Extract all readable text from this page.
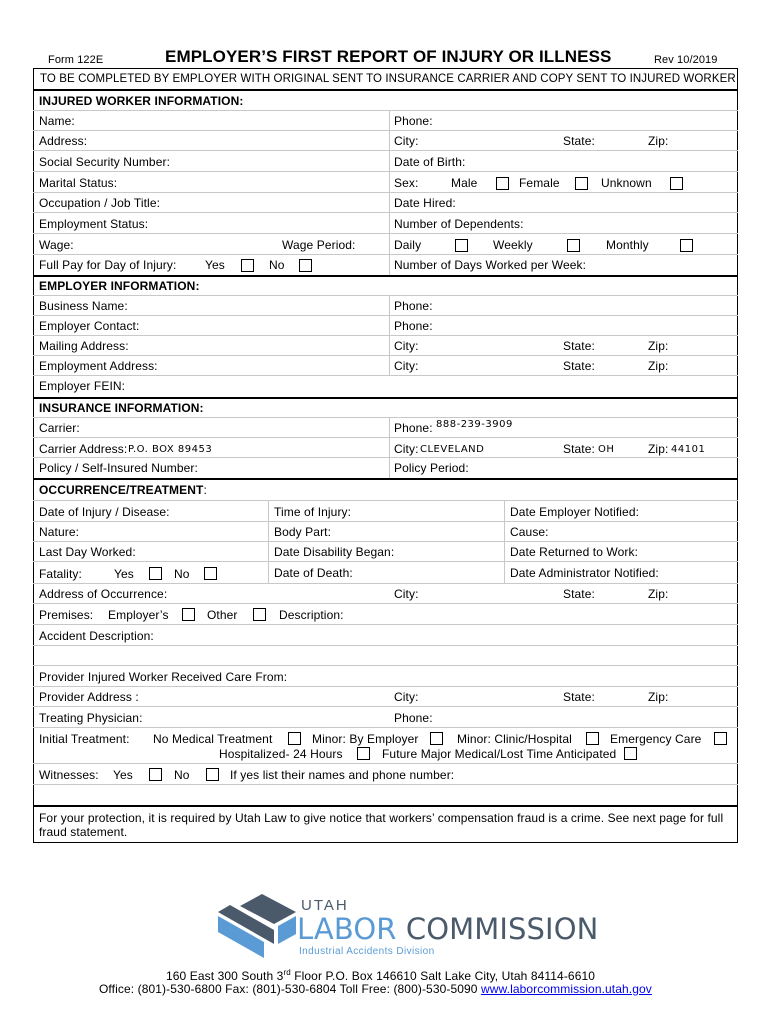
Form 122E	EMPLOYER’S FIRST REPORT OF INJURY OR ILLNESS	Rev 10/2019
TO BE COMPLETED BY EMPLOYER WITH ORIGINAL SENT TO INSURANCE CARRIER AND COPY SENT TO INJURED WORKER
INJURED WORKER INFORMATION:
Name:	Phone:
Address:	City:	State:	Zip:
Social Security Number:	Date of Birth:
Marital Status:	Sex:	Male	Female	Unknown
Occupation / Job Title:	Date Hired:
Employment Status:	Number of Dependents:
Wage:	Wage Period:	Daily	Weekly	Monthly
Full Pay for Day of Injury: Yes	No	Number of Days Worked per Week:
EMPLOYER INFORMATION:
Business Name:	Phone:
Employer Contact:	Phone:
Mailing Address:	City:	State:	Zip:
Employment Address:	City:	State:	Zip:
Employer FEIN:
INSURANCE INFORMATION:
Carrier:	Phone: 888-239-3909
Carrier Address: P.O. BOX 89453	City: CLEVELAND	State: OH	Zip: 44101
Policy / Self-Insured Number:	Policy Period:
OCCURRENCE/TREATMENT:
Date of Injury / Disease:	Time of Injury:	Date Employer Notified:
Nature:	Body Part:	Cause:
Last Day Worked:	Date Disability Began:	Date Returned to Work:
Fatality:	Yes	No	Date of Death:	Date Administrator Notified:
Address of Occurrence:	City:	State:	Zip:
Premises: Employer’s	Other	Description:
Accident Description:
Provider Injured Worker Received Care From:
Provider Address :	City:	State:	Zip:
Treating Physician:	Phone:
Initial Treatment: No Medical Treatment	Minor: By Employer	Minor: Clinic/Hospital	Emergency Care
Hospitalized- 24 Hours	Future Major Medical/Lost Time Anticipated
Witnesses: Yes	No	If yes list their names and phone number:
For your protection, it is required by Utah Law to give notice that workers’ compensation fraud is a crime. See next page for full
fraud statement.
UTAH
LABOR COMMISSION
Industrial Accidents Division
160 East 300 South 3rd Floor P.O. Box 146610 Salt Lake City, Utah 84114-6610
Office: (801)-530-6800 Fax: (801)-530-6804 Toll Free: (800)-530-5090 www.laborcommission.utah.gov
